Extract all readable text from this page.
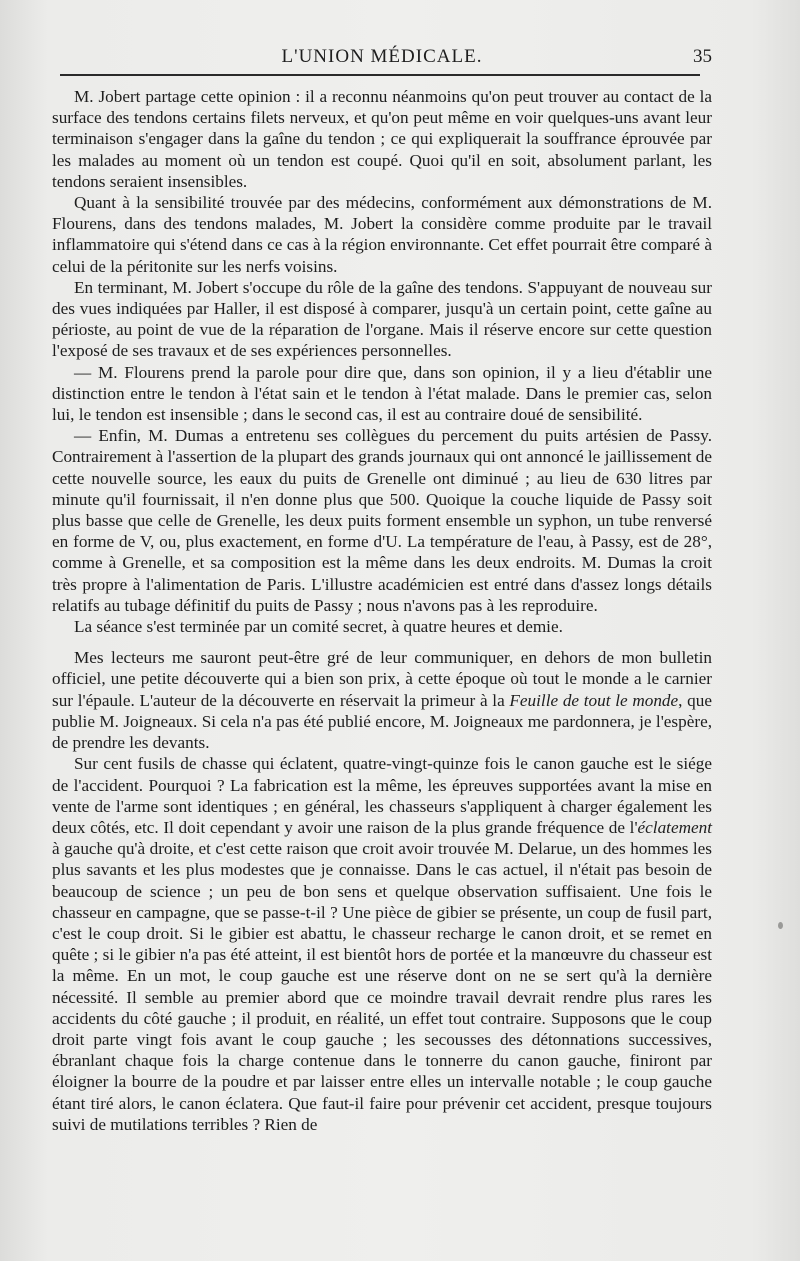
L'UNION MÉDICALE.	35

M. Jobert partage cette opinion : il a reconnu néanmoins qu'on peut trouver au contact de la surface des tendons certains filets nerveux, et qu'on peut même en voir quelques-uns avant leur terminaison s'engager dans la gaîne du tendon ; ce qui expliquerait la souffrance éprouvée par les malades au moment où un tendon est coupé. Quoi qu'il en soit, absolument parlant, les tendons seraient insensibles.

Quant à la sensibilité trouvée par des médecins, conformément aux démonstrations de M. Flourens, dans des tendons malades, M. Jobert la considère comme produite par le travail inflammatoire qui s'étend dans ce cas à la région environnante. Cet effet pourrait être comparé à celui de la péritonite sur les nerfs voisins.

En terminant, M. Jobert s'occupe du rôle de la gaîne des tendons. S'appuyant de nouveau sur des vues indiquées par Haller, il est disposé à comparer, jusqu'à un certain point, cette gaîne au périoste, au point de vue de la réparation de l'organe. Mais il réserve encore sur cette question l'exposé de ses travaux et de ses expériences personnelles.

— M. Flourens prend la parole pour dire que, dans son opinion, il y a lieu d'établir une distinction entre le tendon à l'état sain et le tendon à l'état malade. Dans le premier cas, selon lui, le tendon est insensible ; dans le second cas, il est au contraire doué de sensibilité.

— Enfin, M. Dumas a entretenu ses collègues du percement du puits artésien de Passy. Contrairement à l'assertion de la plupart des grands journaux qui ont annoncé le jaillissement de cette nouvelle source, les eaux du puits de Grenelle ont diminué ; au lieu de 630 litres par minute qu'il fournissait, il n'en donne plus que 500. Quoique la couche liquide de Passy soit plus basse que celle de Grenelle, les deux puits forment ensemble un syphon, un tube renversé en forme de V, ou, plus exactement, en forme d'U. La température de l'eau, à Passy, est de 28°, comme à Grenelle, et sa composition est la même dans les deux endroits. M. Dumas la croit très propre à l'alimentation de Paris. L'illustre académicien est entré dans d'assez longs détails relatifs au tubage définitif du puits de Passy ; nous n'avons pas à les reproduire.

La séance s'est terminée par un comité secret, à quatre heures et demie.

Mes lecteurs me sauront peut-être gré de leur communiquer, en dehors de mon bulletin officiel, une petite découverte qui a bien son prix, à cette époque où tout le monde a le carnier sur l'épaule. L'auteur de la découverte en réservait la primeur à la Feuille de tout le monde, que publie M. Joigneaux. Si cela n'a pas été publié encore, M. Joigneaux me pardonnera, je l'espère, de prendre les devants.

Sur cent fusils de chasse qui éclatent, quatre-vingt-quinze fois le canon gauche est le siége de l'accident. Pourquoi ? La fabrication est la même, les épreuves supportées avant la mise en vente de l'arme sont identiques ; en général, les chasseurs s'appliquent à charger également les deux côtés, etc. Il doit cependant y avoir une raison de la plus grande fréquence de l'éclatement à gauche qu'à droite, et c'est cette raison que croit avoir trouvée M. Delarue, un des hommes les plus savants et les plus modestes que je connaisse. Dans le cas actuel, il n'était pas besoin de beaucoup de science ; un peu de bon sens et quelque observation suffisaient. Une fois le chasseur en campagne, que se passe-t-il ? Une pièce de gibier se présente, un coup de fusil part, c'est le coup droit. Si le gibier est abattu, le chasseur recharge le canon droit, et se remet en quête ; si le gibier n'a pas été atteint, il est bientôt hors de portée et la manœuvre du chasseur est la même. En un mot, le coup gauche est une réserve dont on ne se sert qu'à la dernière nécessité. Il semble au premier abord que ce moindre travail devrait rendre plus rares les accidents du côté gauche ; il produit, en réalité, un effet tout contraire. Supposons que le coup droit parte vingt fois avant le coup gauche ; les secousses des détonnations successives, ébranlant chaque fois la charge contenue dans le tonnerre du canon gauche, finiront par éloigner la bourre de la poudre et par laisser entre elles un intervalle notable ; le coup gauche étant tiré alors, le canon éclatera. Que faut-il faire pour prévenir cet accident, presque toujours suivi de mutilations terribles ? Rien de
